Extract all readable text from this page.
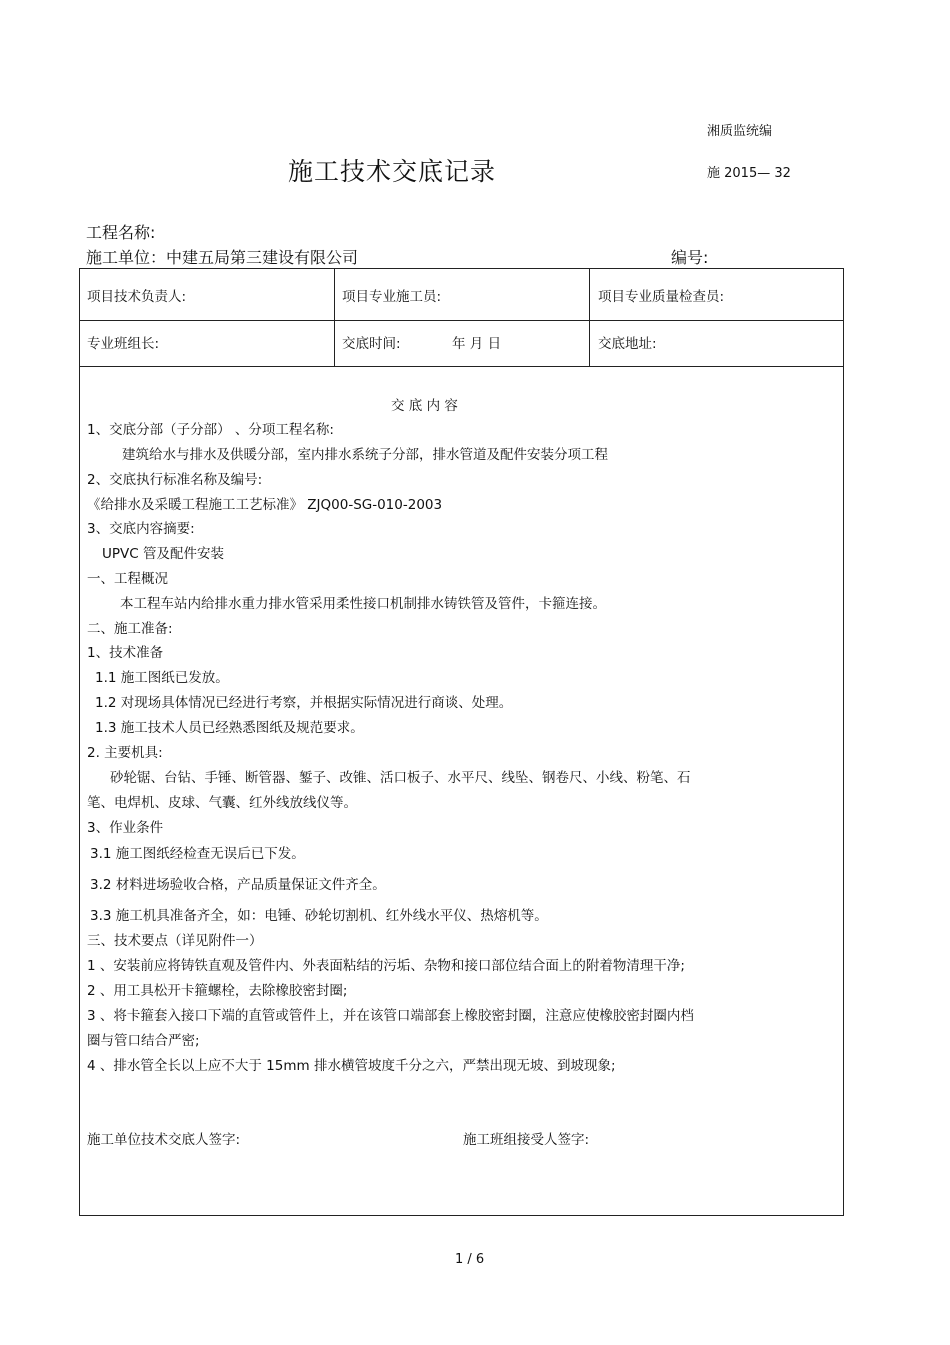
湘质监统编
施工技术交底记录	施 2015— 32
工程名称:
施工单位：中建五局第三建设有限公司	编号:
项目技术负责人:	项目专业施工员:	项目专业质量检查员:
专业班组长:	交底时间:	年 月 日	交底地址:
交 底 内 容
1、交底分部（子分部） 、分项工程名称:
建筑给水与排水及供暖分部，室内排水系统子分部，排水管道及配件安装分项工程
2、交底执行标准名称及编号:
《给排水及采暖工程施工工艺标准》 ZJQ00-SG-010-2003
3、交底内容摘要:
UPVC 管及配件安装
一、工程概况
本工程车站内给排水重力排水管采用柔性接口机制排水铸铁管及管件，卡箍连接。
二、施工准备:
1、技术准备
1.1 施工图纸已发放。
1.2 对现场具体情况已经进行考察，并根据实际情况进行商谈、处理。
1.3 施工技术人员已经熟悉图纸及规范要求。
2. 主要机具:
砂轮锯、台钻、手锤、断管器、錾子、改锥、活口板子、水平尺、线坠、钢卷尺、小线、粉笔、石
笔、电焊机、皮球、气囊、红外线放线仪等。
3、作业条件
3.1 施工图纸经检查无误后已下发。
3.2 材料进场验收合格，产品质量保证文件齐全。
3.3 施工机具准备齐全，如：电锤、砂轮切割机、红外线水平仪、热熔机等。
三、技术要点（详见附件一）
1 、安装前应将铸铁直观及管件内、外表面粘结的污垢、杂物和接口部位结合面上的附着物清理干净;
2 、用工具松开卡箍螺栓，去除橡胶密封圈;
3 、将卡箍套入接口下端的直管或管件上，并在该管口端部套上橡胶密封圈，注意应使橡胶密封圈内档
圈与管口结合严密;
4 、排水管全长以上应不大于 15mm 排水横管坡度千分之六，严禁出现无坡、到坡现象;
施工单位技术交底人签字:	施工班组接受人签字:
1 / 6
